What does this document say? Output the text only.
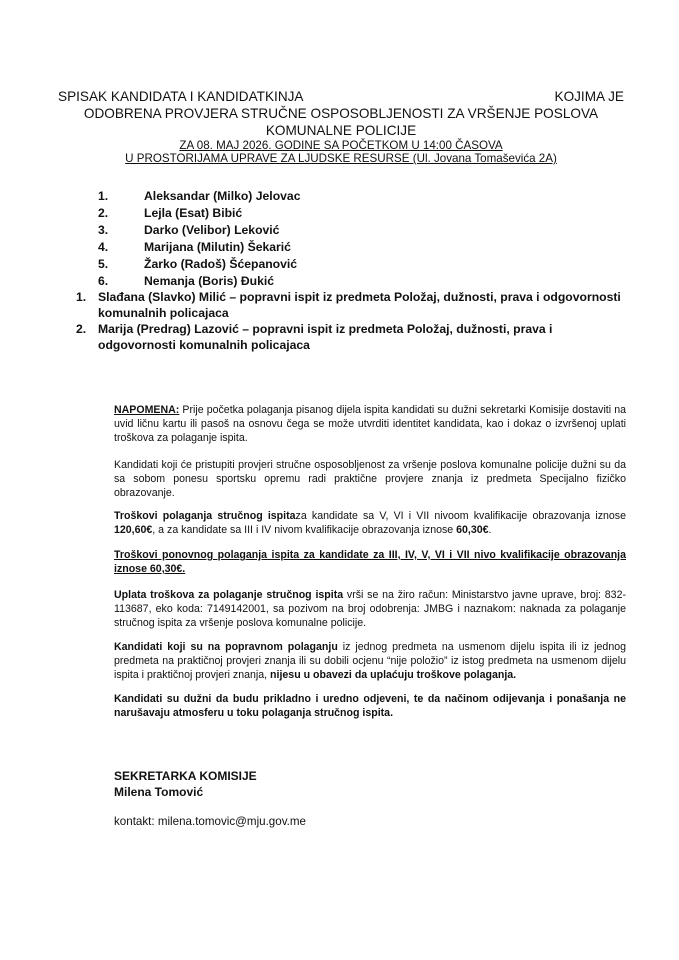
SPISAK KANDIDATA I KANDIDATKINJA	KOJIMA JE
ODOBRENA PROVJERA STRUČNE OSPOSOBLJENOSTI ZA VRŠENJE POSLOVA
KOMUNALNE POLICIJE
ZA 08. MAJ 2026. GODINE SA POČETKOM U 14:00 ČASOVA
U PROSTORIJAMA UPRAVE ZA LJUDSKE RESURSE (Ul. Jovana Tomaševića 2A)
1.	Aleksandar (Milko) Jelovac
2.	Lejla (Esat) Bibić
3.	Darko (Velibor) Leković
4.	Marijana (Milutin) Šekarić
5.	Žarko (Radoš) Šćepanović
6.	Nemanja (Boris) Đukić
1. Slađana (Slavko) Milić – popravni ispit iz predmeta Položaj, dužnosti, prava i odgovornosti komunalnih policajaca
2. Marija (Predrag) Lazović – popravni ispit iz predmeta Položaj, dužnosti, prava i odgovornosti komunalnih policajaca
NAPOMENA: Prije početka polaganja pisanog dijela ispita kandidati su dužni sekretarki Komisije dostaviti na uvid ličnu kartu ili pasoš na osnovu čega se može utvrditi identitet kandidata, kao i dokaz o izvršenoj uplati troškova za polaganje ispita.
Kandidati koji će pristupiti provjeri stručne osposobljenost za vršenje poslova komunalne policije dužni su da sa sobom ponesu sportsku opremu radi praktične provjere znanja iz predmeta Specijalno fizičko obrazovanje.
Troškovi polaganja stručnog ispitaza kandidate sa V, VI i VII nivoom kvalifikacije obrazovanja iznose 120,60€, a za kandidate sa III i IV nivom kvalifikacije obrazovanja iznose 60,30€.
Troškovi ponovnog polaganja ispita za kandidate za III, IV, V, VI i VII nivo kvalifikacije obrazovanja iznose 60,30€.
Uplata troškova za polaganje stručnog ispita vrši se na žiro račun: Ministarstvo javne uprave, broj: 832-113687, eko koda: 7149142001, sa pozivom na broj odobrenja: JMBG i naznakom: naknada za polaganje stručnog ispita za vršenje poslova komunalne policije.
Kandidati koji su na popravnom polaganju iz jednog predmeta na usmenom dijelu ispita ili iz jednog predmeta na praktičnoj provjeri znanja ili su dobili ocjenu “nije položio” iz istog predmeta na usmenom dijelu ispita i praktičnoj provjeri znanja, nijesu u obavezi da uplaćuju troškove polaganja.
Kandidati su dužni da budu prikladno i uredno odjeveni, te da načinom odijevanja i ponašanja ne narušavaju atmosferu u toku polaganja stručnog ispita.
SEKRETARKA KOMISIJE
Milena Tomović
kontakt: milena.tomovic@mju.gov.me
